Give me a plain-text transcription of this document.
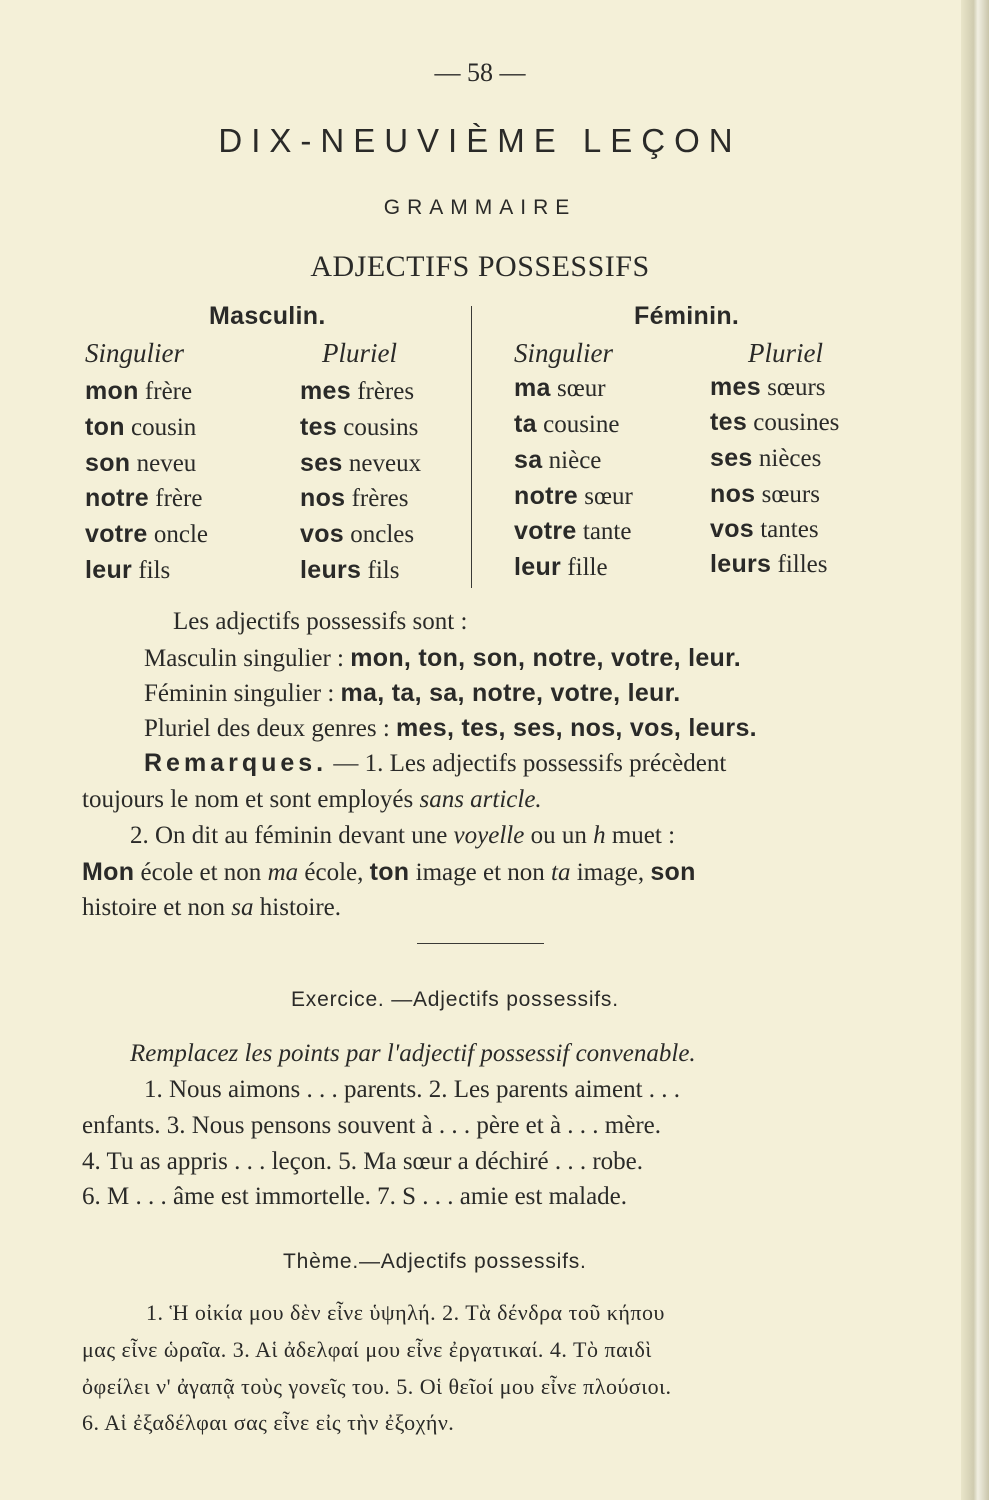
— 58 —
DIX-NEUVIÈME LEÇON
GRAMMAIRE
ADJECTIFS POSSESSIFS
Masculin.	Féminin.
Singulier	Pluriel	Singulier	Pluriel
mon frère	mes frères	ma sœur	mes sœurs
ton cousin	tes cousins	ta cousine	tes cousines
son neveu	ses neveux	sa nièce	ses nièces
notre frère	nos frères	notre sœur	nos sœurs
votre oncle	vos oncles	votre tante	vos tantes
leur fils	leurs fils	leur fille	leurs filles
Les adjectifs possessifs sont :
Masculin singulier : mon, ton, son, notre, votre, leur.
Féminin singulier : ma, ta, sa, notre, votre, leur.
Pluriel des deux genres : mes, tes, ses, nos, vos, leurs.
Remarques. — 1. Les adjectifs possessifs précèdent
toujours le nom et sont employés sans article.
2. On dit au féminin devant une voyelle ou un h muet :
Mon école et non ma école, ton image et non ta image, son
histoire et non sa histoire.
Exercice. —Adjectifs possessifs.
Remplacez les points par l'adjectif possessif convenable.
1. Nous aimons . . . parents. 2. Les parents aiment . . .
enfants. 3. Nous pensons souvent à . . . père et à . . . mère.
4. Tu as appris . . . leçon. 5. Ma sœur a déchiré . . . robe.
6. M . . . âme est immortelle. 7. S . . . amie est malade.
Thème.—Adjectifs possessifs.
1. Ἡ οἰκία μου δὲν εἶνε ὑψηλή. 2. Τὰ δένδρα τοῦ κήπου
μας εἶνε ὡραῖα. 3. Αἱ ἀδελφαί μου εἶνε ἐργατικαί. 4. Τὸ παιδὶ
ὀφείλει ν' ἀγαπᾷ τοὺς γονεῖς του. 5. Οἱ θεῖοί μου εἶνε πλούσιοι.
6. Αἱ ἐξαδέλφαι σας εἶνε εἰς τὴν ἐξοχήν.
